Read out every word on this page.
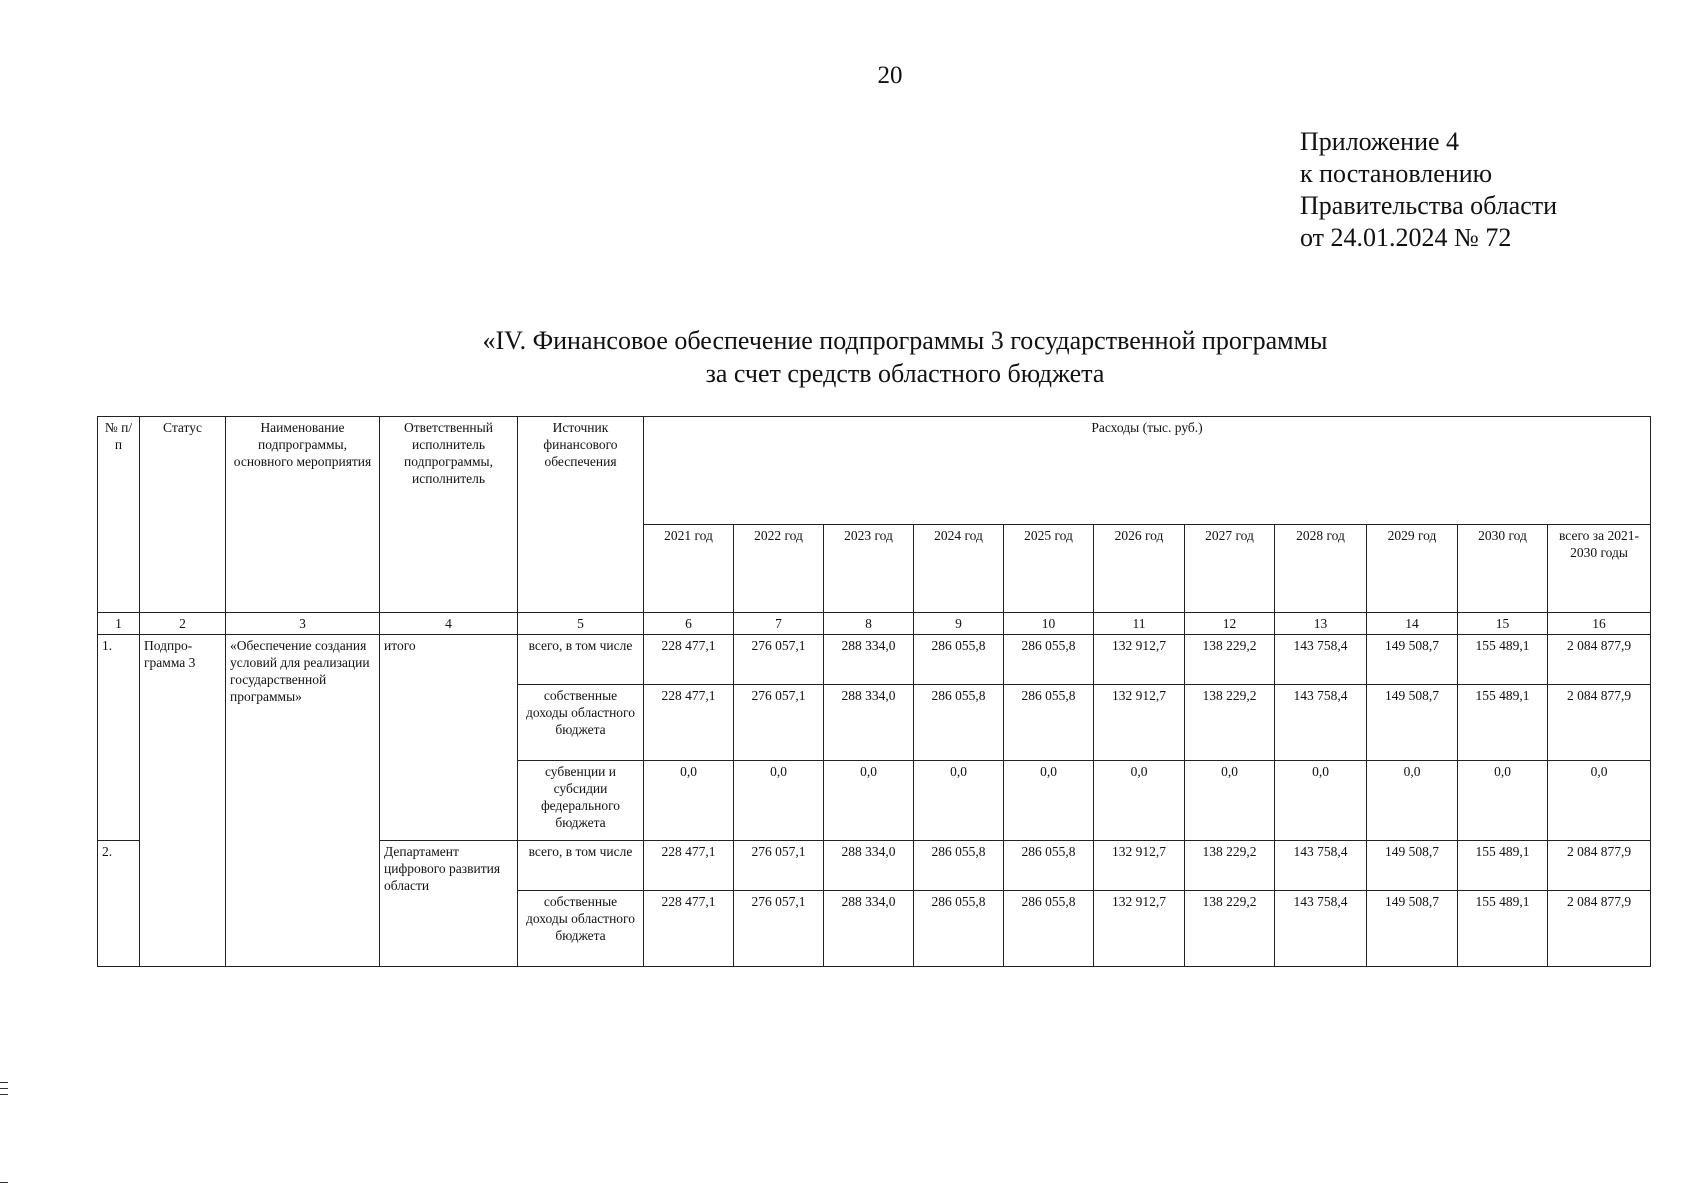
20
Приложение 4
к постановлению
Правительства области
от 24.01.2024 № 72
«IV. Финансовое обеспечение подпрограммы 3 государственной программы
за счет средств областного бюджета
№ п/ п	Статус	Наименование подпрограммы, основного мероприятия	Ответственный исполнитель подпрограммы, исполнитель	Источник финансового обеспечения	Расходы (тыс. руб.)										
					2021 год	2022 год	2023 год	2024 год	2025 год	2026 год	2027 год	2028 год	2029 год	2030 год	всего за 2021-2030 годы
1	2	3	4	5	6	7	8	9	10	11	12	13	14	15	16
1.	Подпро-грамма 3	«Обеспечение создания условий для реализации государственной программы»	итого	всего, в том числе	228 477,1	276 057,1	288 334,0	286 055,8	286 055,8	132 912,7	138 229,2	143 758,4	149 508,7	155 489,1	2 084 877,9
				собственные доходы областного бюджета	228 477,1	276 057,1	288 334,0	286 055,8	286 055,8	132 912,7	138 229,2	143 758,4	149 508,7	155 489,1	2 084 877,9
				субвенции и субсидии федерального бюджета	0,0	0,0	0,0	0,0	0,0	0,0	0,0	0,0	0,0	0,0	0,0
2.			Департамент цифрового развития области	всего, в том числе	228 477,1	276 057,1	288 334,0	286 055,8	286 055,8	132 912,7	138 229,2	143 758,4	149 508,7	155 489,1	2 084 877,9
				собственные доходы областного бюджета	228 477,1	276 057,1	288 334,0	286 055,8	286 055,8	132 912,7	138 229,2	143 758,4	149 508,7	155 489,1	2 084 877,9
